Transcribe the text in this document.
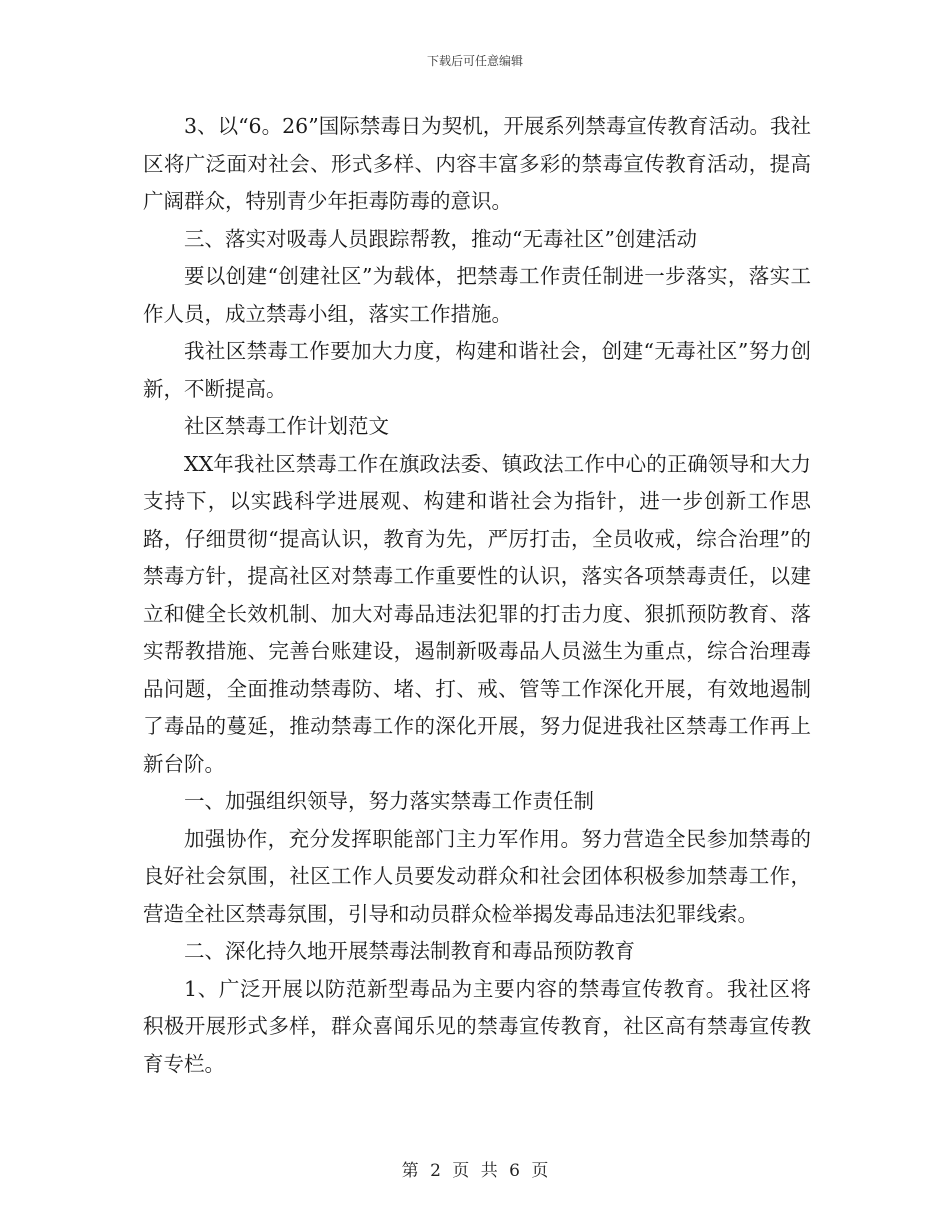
下载后可任意编辑

3、以“6。26”国际禁毒日为契机，开展系列禁毒宣传教育活动。我社区将广泛面对社会、形式多样、内容丰富多彩的禁毒宣传教育活动，提高广阔群众，特别青少年拒毒防毒的意识。

三、落实对吸毒人员跟踪帮教，推动“无毒社区”创建活动

要以创建“创建社区”为载体，把禁毒工作责任制进一步落实，落实工作人员，成立禁毒小组，落实工作措施。

我社区禁毒工作要加大力度，构建和谐社会，创建“无毒社区”努力创新，不断提高。

社区禁毒工作计划范文

XX年我社区禁毒工作在旗政法委、镇政法工作中心的正确领导和大力支持下，以实践科学进展观、构建和谐社会为指针，进一步创新工作思路，仔细贯彻“提高认识，教育为先，严厉打击，全员收戒，综合治理”的禁毒方针，提高社区对禁毒工作重要性的认识，落实各项禁毒责任，以建立和健全长效机制、加大对毒品违法犯罪的打击力度、狠抓预防教育、落实帮教措施、完善台账建设，遏制新吸毒品人员滋生为重点，综合治理毒品问题，全面推动禁毒防、堵、打、戒、管等工作深化开展，有效地遏制了毒品的蔓延，推动禁毒工作的深化开展，努力促进我社区禁毒工作再上新台阶。

一、加强组织领导，努力落实禁毒工作责任制

加强协作，充分发挥职能部门主力军作用。努力营造全民参加禁毒的良好社会氛围，社区工作人员要发动群众和社会团体积极参加禁毒工作，营造全社区禁毒氛围，引导和动员群众检举揭发毒品违法犯罪线索。

二、深化持久地开展禁毒法制教育和毒品预防教育

1、广泛开展以防范新型毒品为主要内容的禁毒宣传教育。我社区将积极开展形式多样，群众喜闻乐见的禁毒宣传教育，社区高有禁毒宣传教育专栏。

第 2 页 共 6 页
